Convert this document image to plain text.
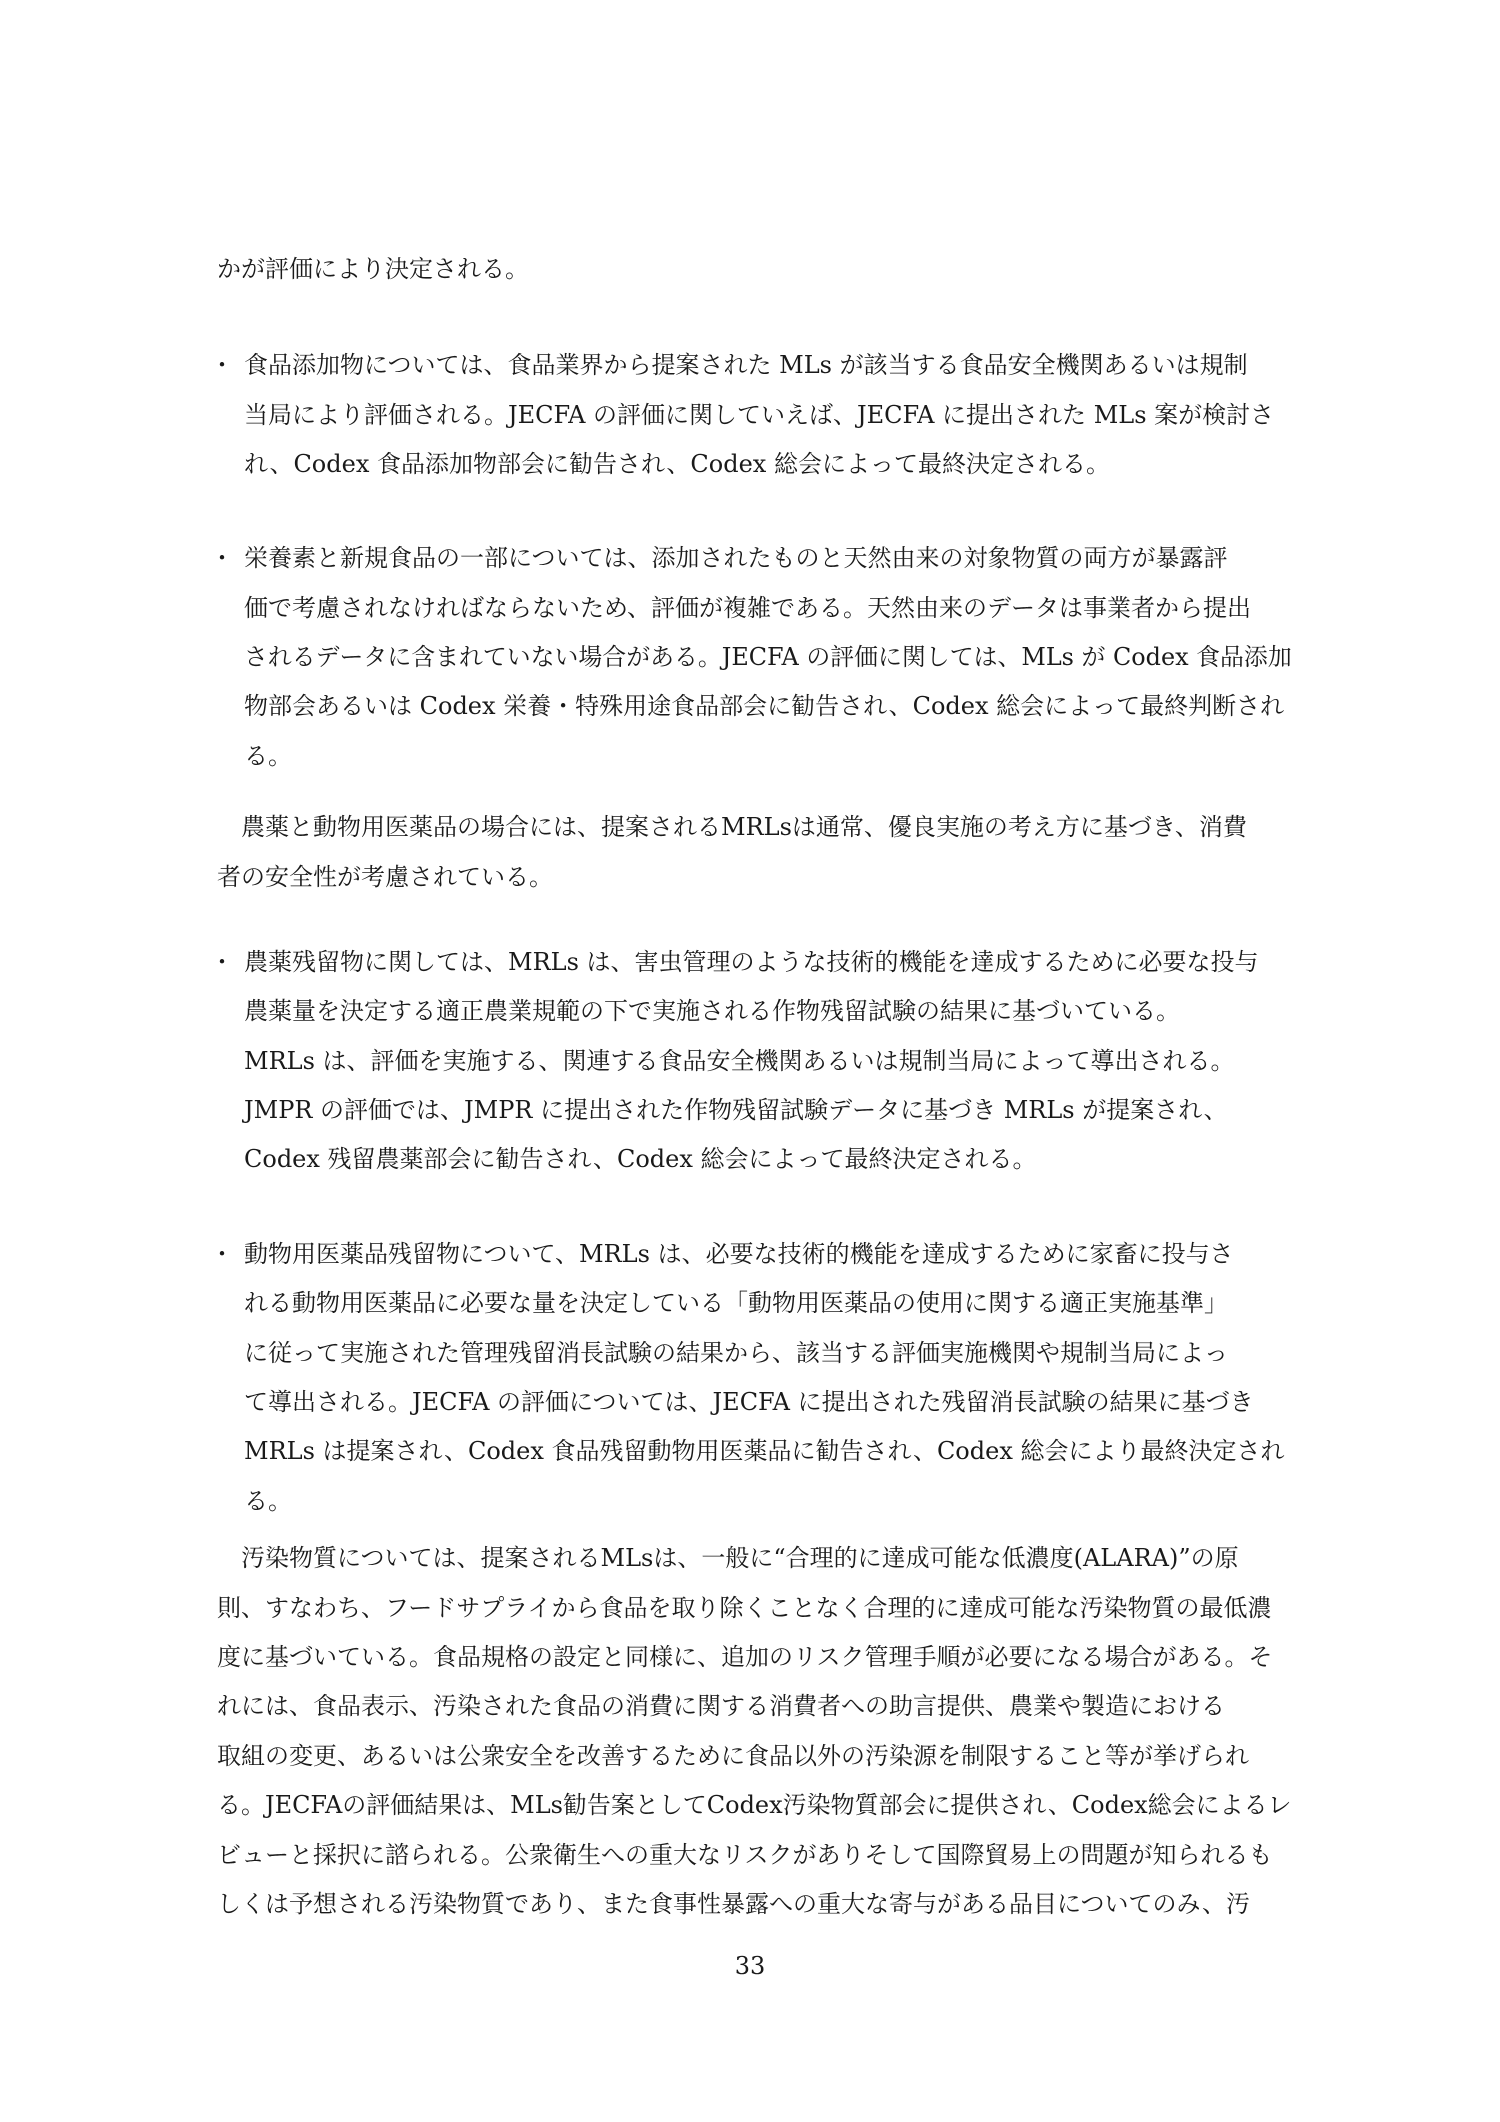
かが評価により決定される。
・ 食品添加物については、食品業界から提案された MLs が該当する食品安全機関あるいは規制
当局により評価される。JECFA の評価に関していえば、JECFA に提出された MLs 案が検討さ
れ、Codex 食品添加物部会に勧告され、Codex 総会によって最終決定される。
・ 栄養素と新規食品の一部については、添加されたものと天然由来の対象物質の両方が暴露評
価で考慮されなければならないため、評価が複雑である。天然由来のデータは事業者から提出
されるデータに含まれていない場合がある。JECFA の評価に関しては、MLs が Codex 食品添加
物部会あるいは Codex 栄養・特殊用途食品部会に勧告され、Codex 総会によって最終判断され
る。
　農薬と動物用医薬品の場合には、提案されるMRLsは通常、優良実施の考え方に基づき、消費
者の安全性が考慮されている。
・ 農薬残留物に関しては、MRLs は、害虫管理のような技術的機能を達成するために必要な投与
農薬量を決定する適正農業規範の下で実施される作物残留試験の結果に基づいている。
MRLs は、評価を実施する、関連する食品安全機関あるいは規制当局によって導出される。
JMPR の評価では、JMPR に提出された作物残留試験データに基づき MRLs が提案され、
Codex 残留農薬部会に勧告され、Codex 総会によって最終決定される。
・ 動物用医薬品残留物について、MRLs は、必要な技術的機能を達成するために家畜に投与さ
れる動物用医薬品に必要な量を決定している「動物用医薬品の使用に関する適正実施基準」
に従って実施された管理残留消長試験の結果から、該当する評価実施機関や規制当局によっ
て導出される。JECFA の評価については、JECFA に提出された残留消長試験の結果に基づき
MRLs は提案され、Codex 食品残留動物用医薬品に勧告され、Codex 総会により最終決定され
る。
　汚染物質については、提案されるMLsは、一般に“合理的に達成可能な低濃度(ALARA)”の原
則、すなわち、フードサプライから食品を取り除くことなく合理的に達成可能な汚染物質の最低濃
度に基づいている。食品規格の設定と同様に、追加のリスク管理手順が必要になる場合がある。そ
れには、食品表示、汚染された食品の消費に関する消費者への助言提供、農業や製造における
取組の変更、あるいは公衆安全を改善するために食品以外の汚染源を制限すること等が挙げられ
る。JECFAの評価結果は、MLs勧告案としてCodex汚染物質部会に提供され、Codex総会によるレ
ビューと採択に諮られる。公衆衛生への重大なリスクがありそして国際貿易上の問題が知られるも
しくは予想される汚染物質であり、また食事性暴露への重大な寄与がある品目についてのみ、汚
33
